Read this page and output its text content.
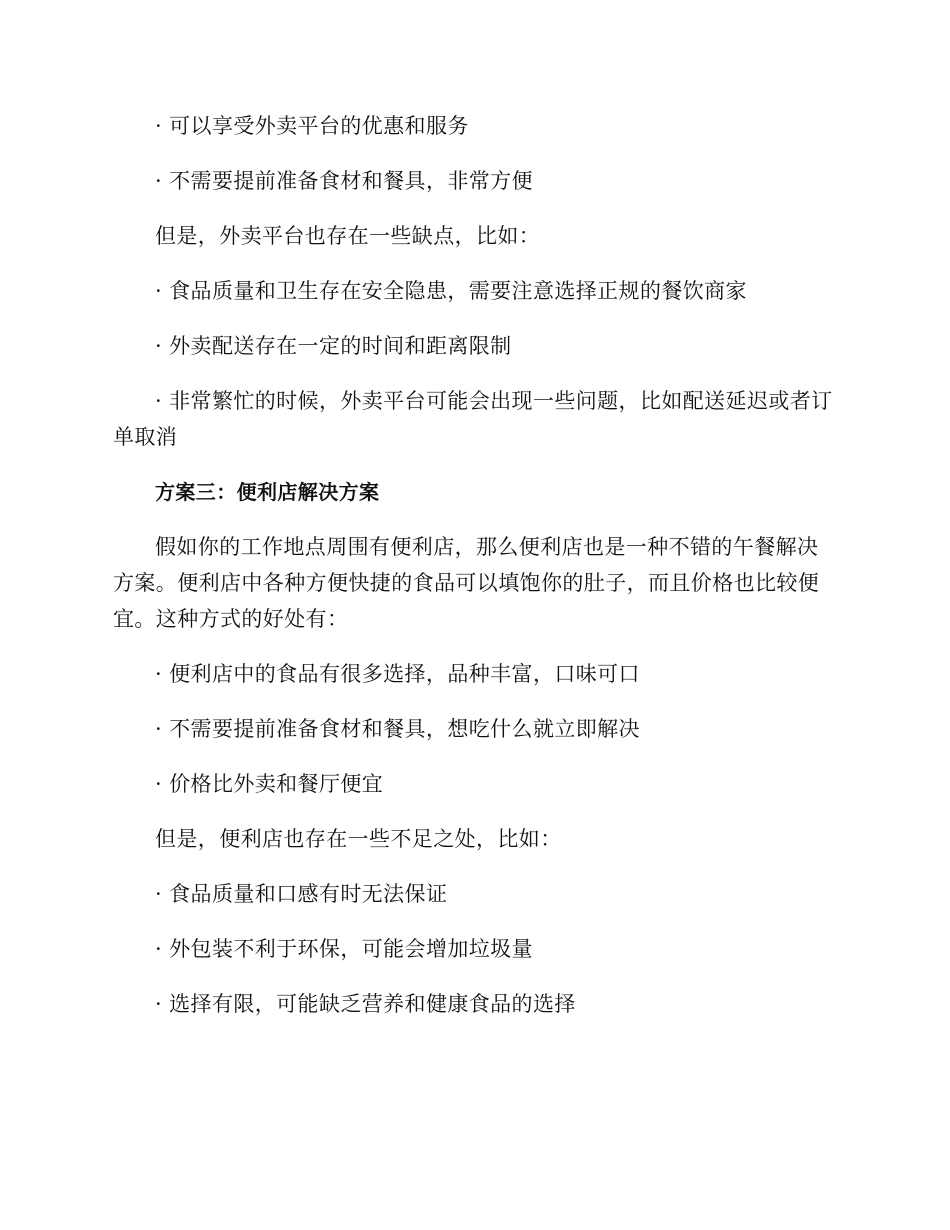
· 可以享受外卖平台的优惠和服务

· 不需要提前准备食材和餐具，非常方便

但是，外卖平台也存在一些缺点，比如：

· 食品质量和卫生存在安全隐患，需要注意选择正规的餐饮商家

· 外卖配送存在一定的时间和距离限制

· 非常繁忙的时候，外卖平台可能会出现一些问题，比如配送延迟或者订单取消

方案三：便利店解决方案

假如你的工作地点周围有便利店，那么便利店也是一种不错的午餐解决方案。便利店中各种方便快捷的食品可以填饱你的肚子，而且价格也比较便宜。这种方式的好处有：

· 便利店中的食品有很多选择，品种丰富，口味可口

· 不需要提前准备食材和餐具，想吃什么就立即解决

· 价格比外卖和餐厅便宜

但是，便利店也存在一些不足之处，比如：

· 食品质量和口感有时无法保证

· 外包装不利于环保，可能会增加垃圾量

· 选择有限，可能缺乏营养和健康食品的选择
